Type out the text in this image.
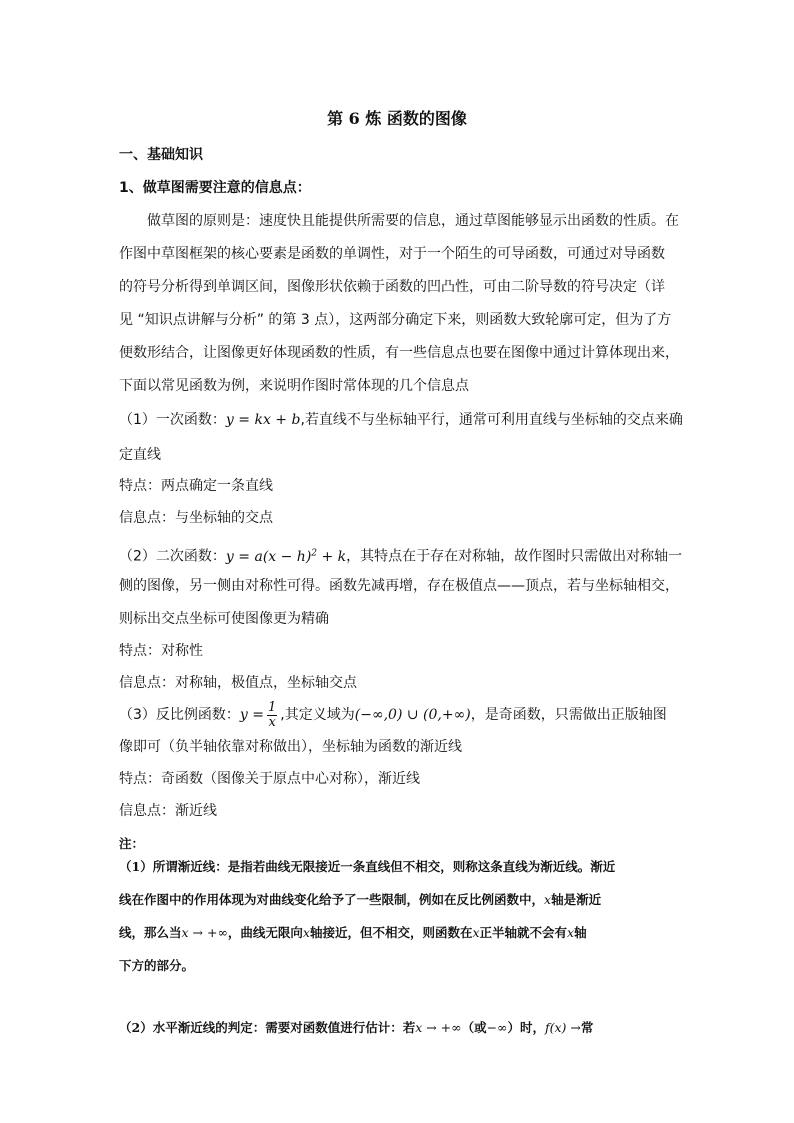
第 6 炼 函数的图像
一、基础知识
1、做草图需要注意的信息点：
做草图的原则是：速度快且能提供所需要的信息，通过草图能够显示出函数的性质。在
作图中草图框架的核心要素是函数的单调性，对于一个陌生的可导函数，可通过对导函数
的符号分析得到单调区间，图像形状依赖于函数的凹凸性，可由二阶导数的符号决定（详
见 “知识点讲解与分析” 的第 3 点），这两部分确定下来，则函数大致轮廓可定，但为了方
便数形结合，让图像更好体现函数的性质，有一些信息点也要在图像中通过计算体现出来，
下面以常见函数为例，来说明作图时常体现的几个信息点
（1）一次函数：y = kx + b,若直线不与坐标轴平行，通常可利用直线与坐标轴的交点来确
定直线
特点：两点确定一条直线
信息点：与坐标轴的交点
（2）二次函数：$y = a(x - h)^2 + k$，其特点在于存在对称轴，故作图时只需做出对称轴一
侧的图像，另一侧由对称性可得。函数先减再增，存在极值点——顶点，若与坐标轴相交，
则标出交点坐标可使图像更为精确
特点：对称性
信息点：对称轴，极值点，坐标轴交点
（3）反比例函数：$y = \frac{1}{x}$ ,其定义域为(−∞,0) ∪ (0,+∞)，是奇函数，只需做出正版轴图
像即可（负半轴依靠对称做出），坐标轴为函数的渐近线
特点：奇函数（图像关于原点中心对称），渐近线
信息点：渐近线
注：
（1）所谓渐近线：是指若曲线无限接近一条直线但不相交，则称这条直线为渐近线。渐近
线在作图中的作用体现为对曲线变化给予了一些限制，例如在反比例函数中，x轴是渐近
线，那么当x → +∞，曲线无限向x轴接近，但不相交，则函数在x正半轴就不会有x轴
下方的部分。
（2）水平渐近线的判定：需要对函数值进行估计：若x → +∞（或−∞）时，f(x) →常
